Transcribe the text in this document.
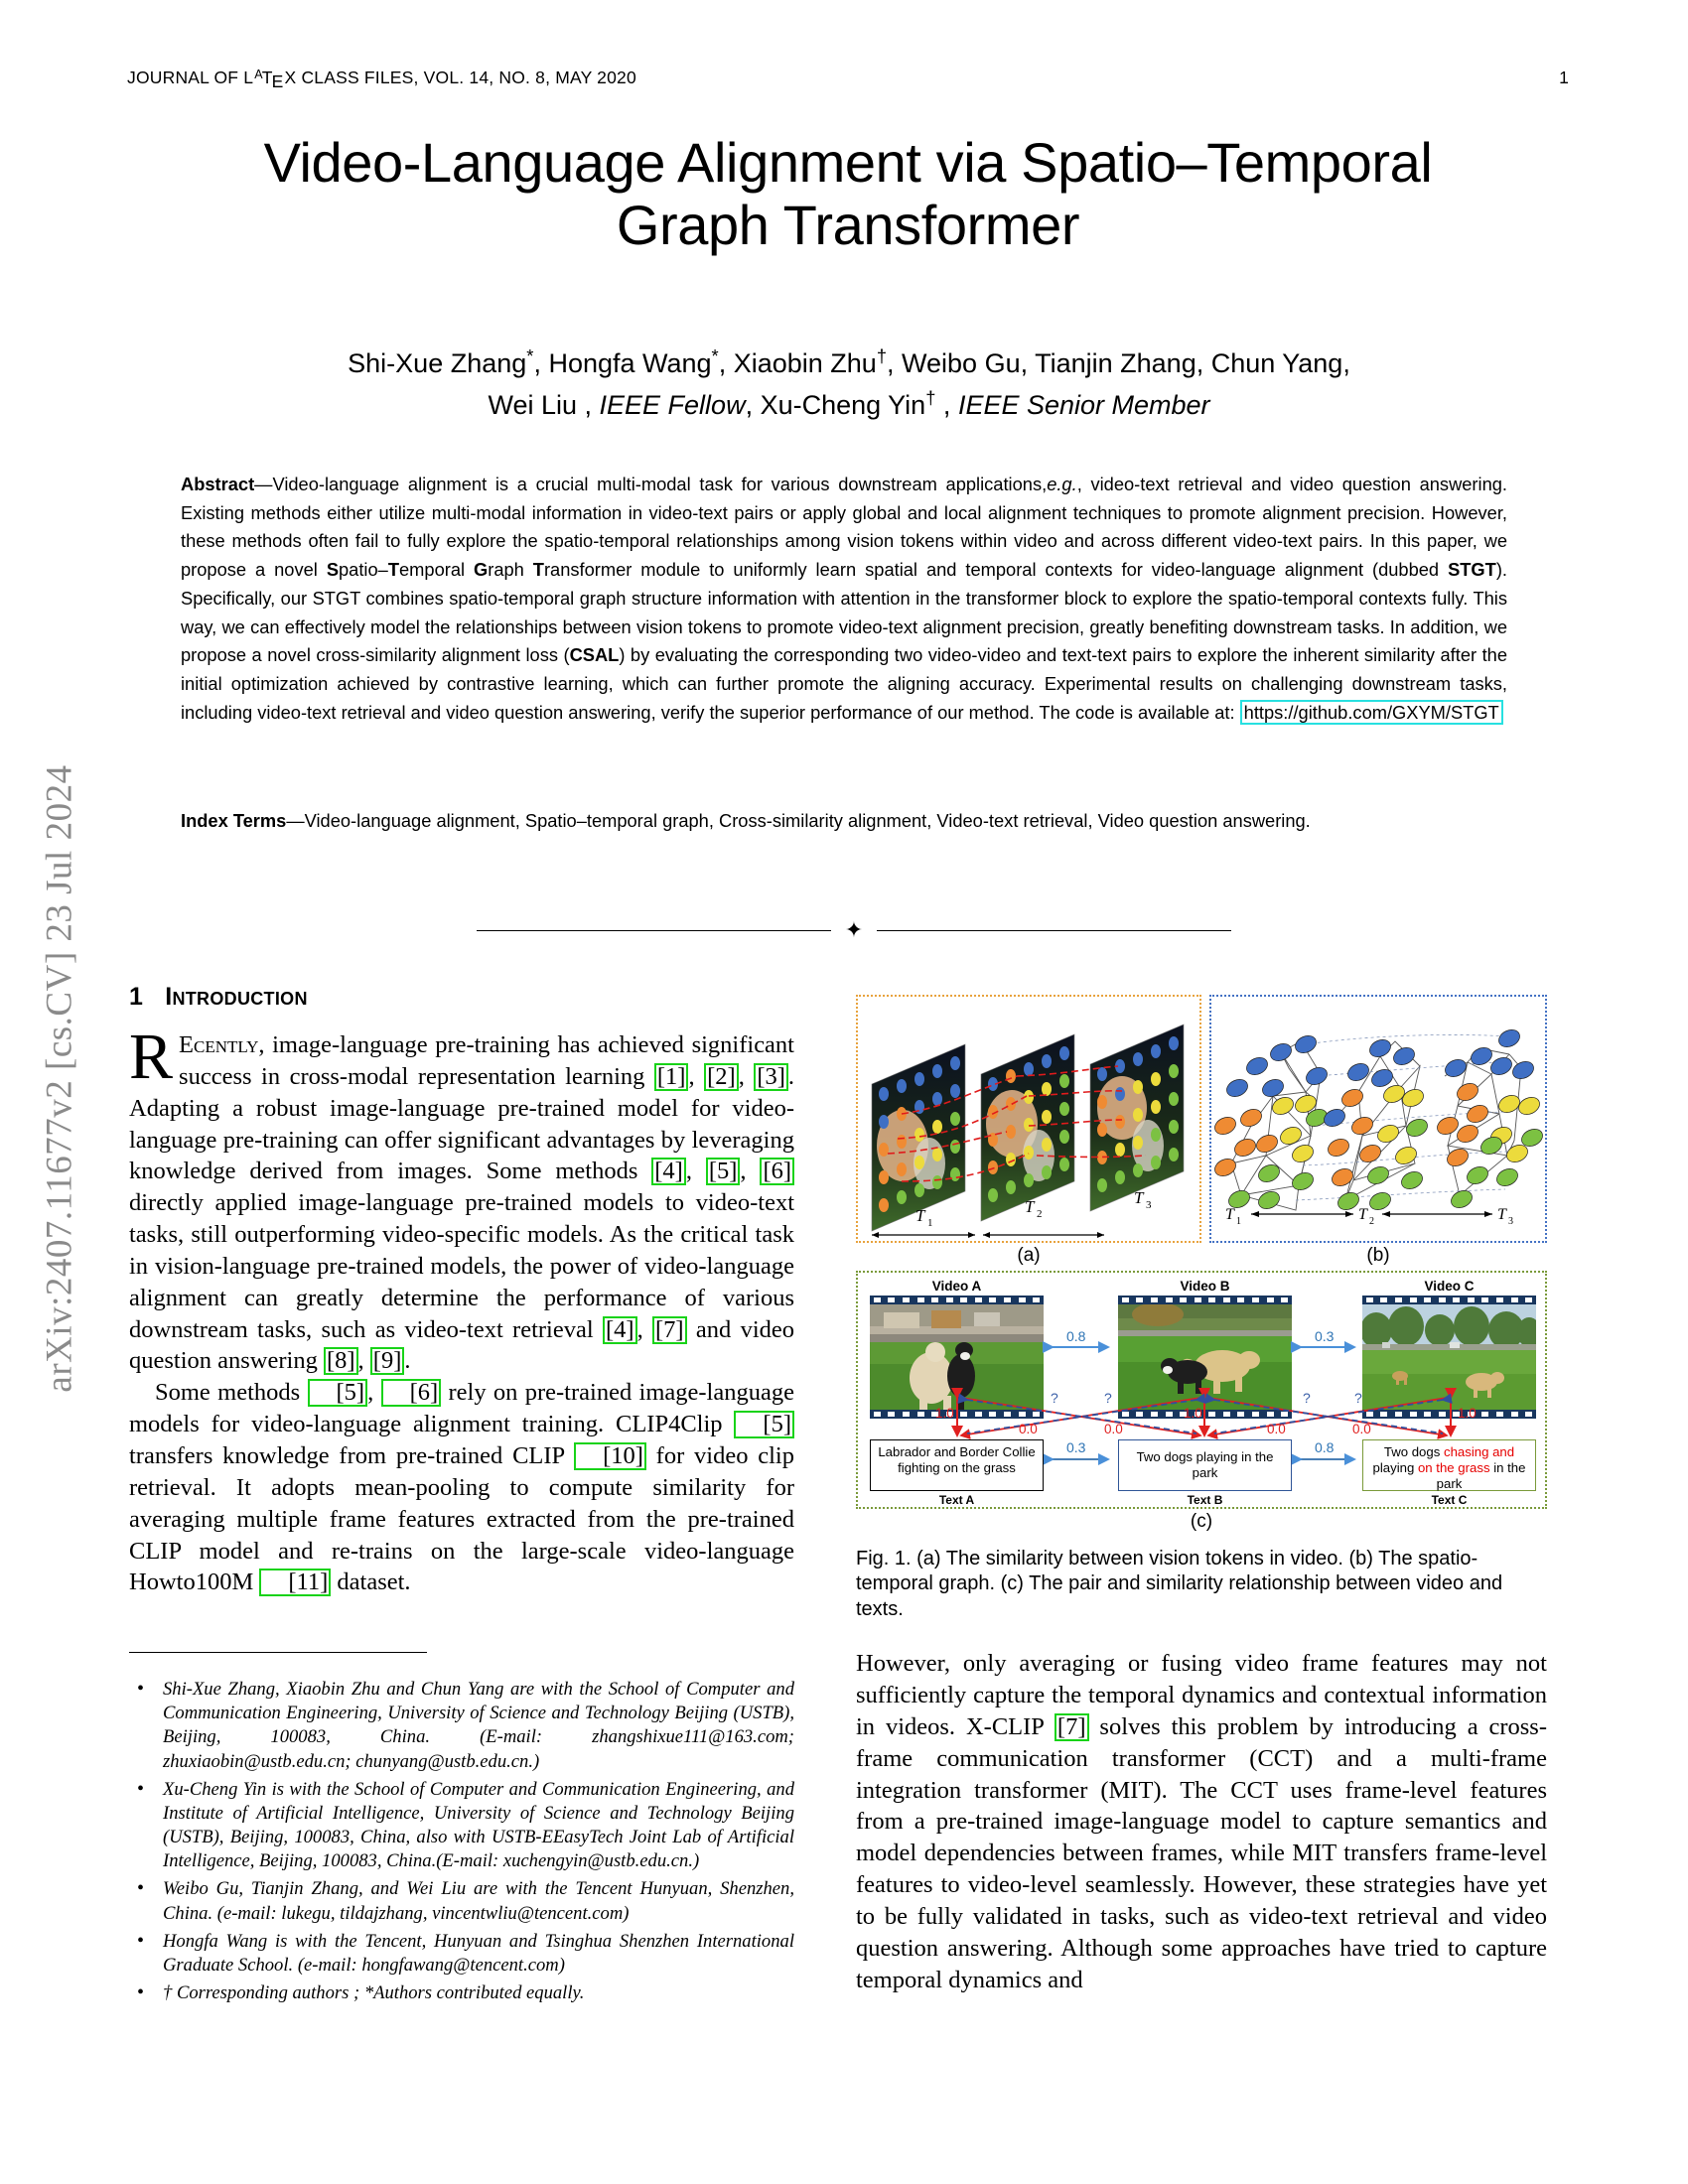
arXiv:2407.11677v2 [cs.CV] 23 Jul 2024
JOURNAL OF $L^ATEX$ CLASS FILES, VOL. 14, NO. 8, MAY 2020	1
Video-Language Alignment via Spatio–Temporal
Graph Transformer
Shi-Xue Zhang*, Hongfa Wang*, Xiaobin Zhu†, Weibo Gu, Tianjin Zhang, Chun Yang,
Wei Liu , IEEE Fellow, Xu-Cheng Yin† , IEEE Senior Member
Abstract—Video-language alignment is a crucial multi-modal task for various downstream applications,e.g., video-text retrieval and video question answering. Existing methods either utilize multi-modal information in video-text pairs or apply global and local alignment techniques to promote alignment precision. However, these methods often fail to fully explore the spatio-temporal relationships among vision tokens within video and across different video-text pairs. In this paper, we propose a novel Spatio–Temporal Graph Transformer module to uniformly learn spatial and temporal contexts for video-language alignment (dubbed STGT). Specifically, our STGT combines spatio-temporal graph structure information with attention in the transformer block to explore the spatio-temporal contexts fully. This way, we can effectively model the relationships between vision tokens to promote video-text alignment precision, greatly benefiting downstream tasks. In addition, we propose a novel cross-similarity alignment loss (CSAL) by evaluating the corresponding two video-video and text-text pairs to explore the inherent similarity after the initial optimization achieved by contrastive learning, which can further promote the aligning accuracy. Experimental results on challenging downstream tasks, including video-text retrieval and video question answering, verify the superior performance of our method. The code is available at: https://github.com/GXYM/STGT
Index Terms—Video-language alignment, Spatio–temporal graph, Cross-similarity alignment, Video-text retrieval, Video question answering.
✦
1 Introduction

R Ecently, image-language pre-training has achieved significant success in cross-modal representation learning [1] , [2] , [3] . Adapting a robust image-language pre-trained model for video-language pre-training can offer significant advantages by leveraging knowledge derived from images. Some methods [4] , [5] , [6] directly applied image-language pre-trained models to video-text tasks, still outperforming video-specific models. As the critical task in vision-language pre-trained models, the power of video-language alignment can greatly determine the performance of various downstream tasks, such as video-text retrieval [4] , [7] and video question answering [8] , [9] .

Some methods [5] , [6] rely on pre-trained image-language models for video-language alignment training. CLIP4Clip [5] transfers knowledge from pre-trained CLIP [10] for video clip retrieval. It adopts mean-pooling to compute similarity for averaging multiple frame features extracted from the pre-trained CLIP model and re-trains on the large-scale video-language Howto100M [11] dataset.

• Shi-Xue Zhang, Xiaobin Zhu and Chun Yang are with the School of Computer and Communication Engineering, University of Science and Technology Beijing (USTB), Beijing, 100083, China. (E-mail: zhangshixue111@163.com; zhuxiaobin@ustb.edu.cn; chunyang@ustb.edu.cn.)
• Xu-Cheng Yin is with the School of Computer and Communication Engineering, and Institute of Artificial Intelligence, University of Science and Technology Beijing (USTB), Beijing, 100083, China, also with USTB-EEasyTech Joint Lab of Artificial Intelligence, Beijing, 100083, China.(E-mail: xuchengyin@ustb.edu.cn.)
• Weibo Gu, Tianjin Zhang, and Wei Liu are with the Tencent Hunyuan, Shenzhen, China. (e-mail: lukegu, tildajzhang, vincentwliu@tencent.com)
• Hongfa Wang is with the Tencent, Hunyuan and Tsinghua Shenzhen International Graduate School. (e-mail: hongfawang@tencent.com)
• † Corresponding authors ; *Authors contributed equally.
T 1
T 2
T 3
(a)
T 1	T 2	T 3
(b)
Video A	Video B	Video C
0.8	0.3
0.3	0.8
1.0	1.0	1.0
0.0	0.0	0.0	0.0
?	?	?	?
Labrador and Border Collie fighting on the grass
Text A
Two dogs playing in the park
Text B
Two dogs chasing and playing on the grass in the park
Text C
(c)
Fig. 1. (a) The similarity between vision tokens in video. (b) The spatio-temporal graph. (c) The pair and similarity relationship between video and texts.

However, only averaging or fusing video frame features may not sufficiently capture the temporal dynamics and contextual information in videos. X-CLIP [7] solves this problem by introducing a cross-frame communication transformer (CCT) and a multi-frame integration transformer (MIT). The CCT uses frame-level features from a pre-trained image-language model to capture semantics and model dependencies between frames, while MIT transfers frame-level features to video-level seamlessly. However, these strategies have yet to be fully validated in tasks, such as video-text retrieval and video question answering. Although some approaches have tried to capture temporal dynamics and
